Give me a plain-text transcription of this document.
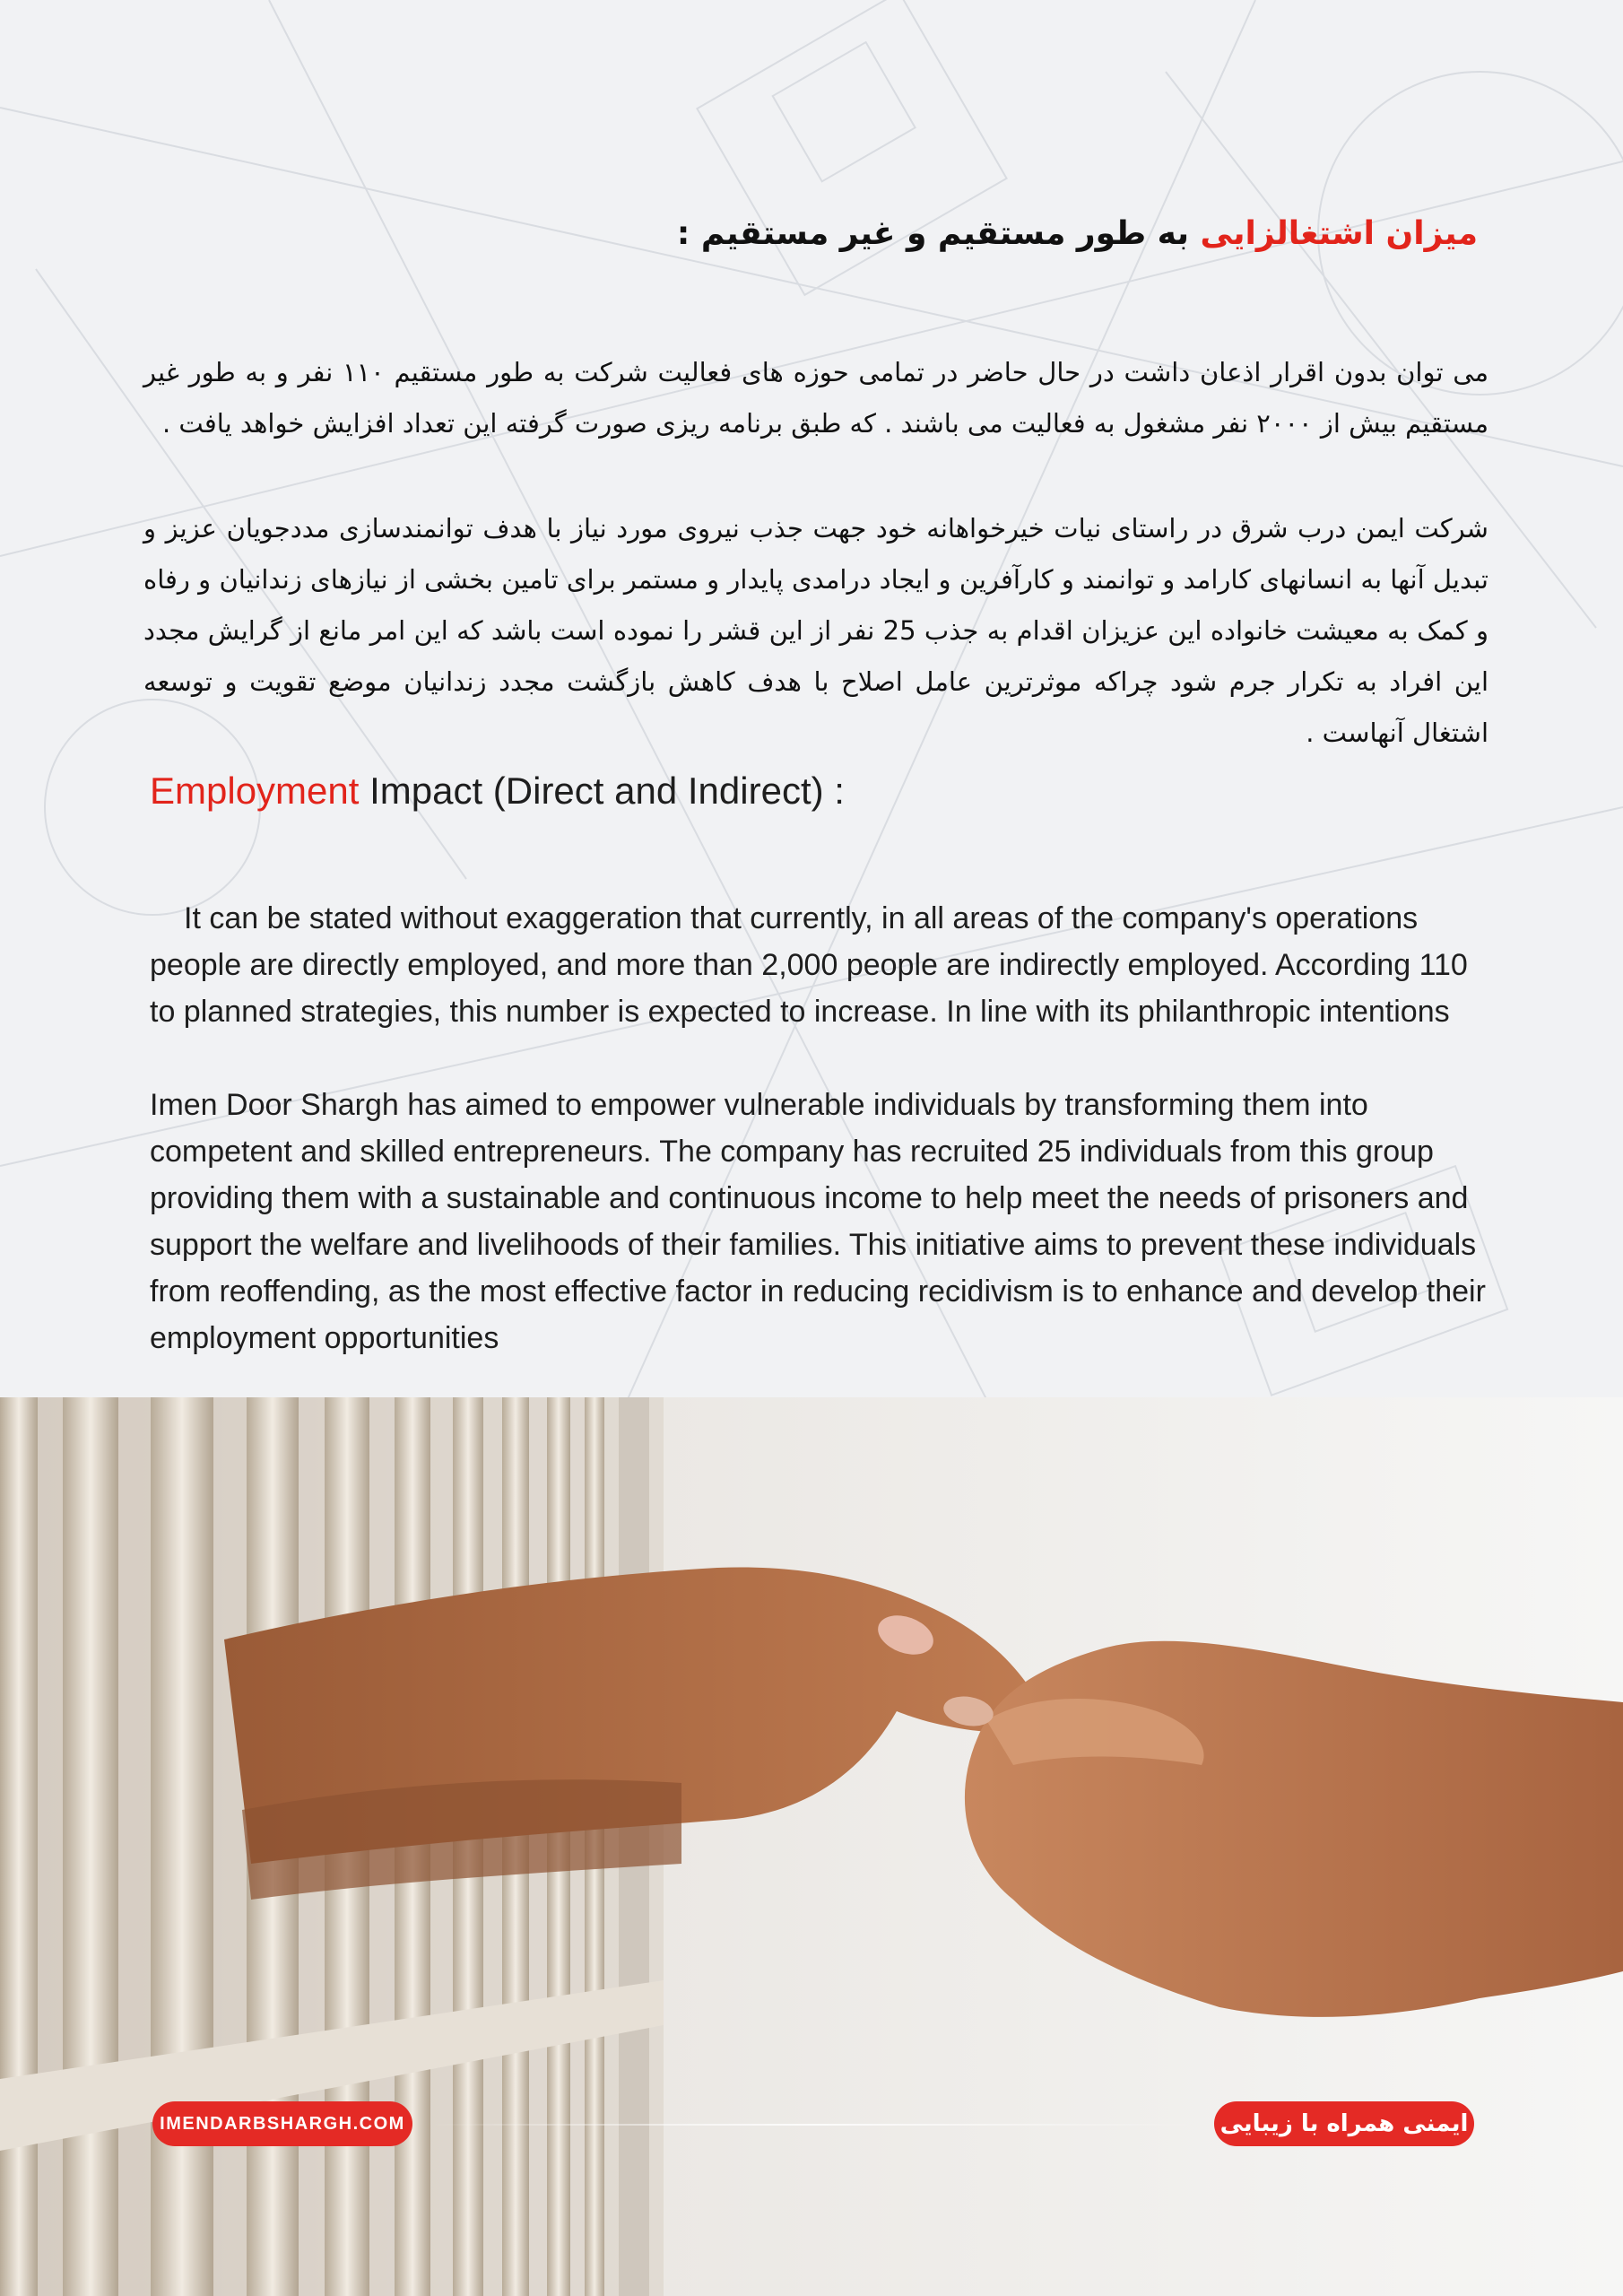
میزان اشتغالزایی به طور مستقیم و غیر مستقیم :

می توان بدون اقرار اذعان داشت در حال حاضر در تمامی حوزه های فعالیت شرکت به طور مستقیم ۱۱۰ نفر و به طور غیر مستقیم بیش از ۲۰۰۰ نفر مشغول به فعالیت می باشند . که طبق برنامه ریزی صورت گرفته این تعداد افزایش خواهد یافت .

شرکت ایمن درب شرق در راستای نیات خیرخواهانه خود جهت جذب نیروی مورد نیاز با هدف توانمندسازی مددجویان عزیز و تبدیل آنها به انسانهای کارامد و توانمند و کارآفرین و ایجاد درامدی پایدار و مستمر برای تامین بخشی از نیازهای زندانیان و رفاه و کمک به معیشت خانواده این عزیزان اقدام به جذب 25 نفر از این قشر را نموده است باشد که این امر مانع از گرایش مجدد این افراد به تکرار جرم شود چراکه موثرترین عامل اصلاح با هدف کاهش بازگشت مجدد زندانیان موضع تقویت و توسعه اشتغال آنهاست .

Employment Impact (Direct and Indirect) :

It can be stated without exaggeration that currently, in all areas of the company's operations people are directly employed, and more than 2,000 people are indirectly employed. According 110 to planned strategies, this number is expected to increase. In line with its philanthropic intentions

Imen Door Shargh has aimed to empower vulnerable individuals by transforming them into competent and skilled entrepreneurs. The company has recruited 25 individuals from this group providing them with a sustainable and continuous income to help meet the needs of prisoners and support the welfare and livelihoods of their families. This initiative aims to prevent these individuals from reoffending, as the most effective factor in reducing recidivism is to enhance and develop their employment opportunities

IMENDARBSHARGH.COM	ایمنی همراه با زیبایی
